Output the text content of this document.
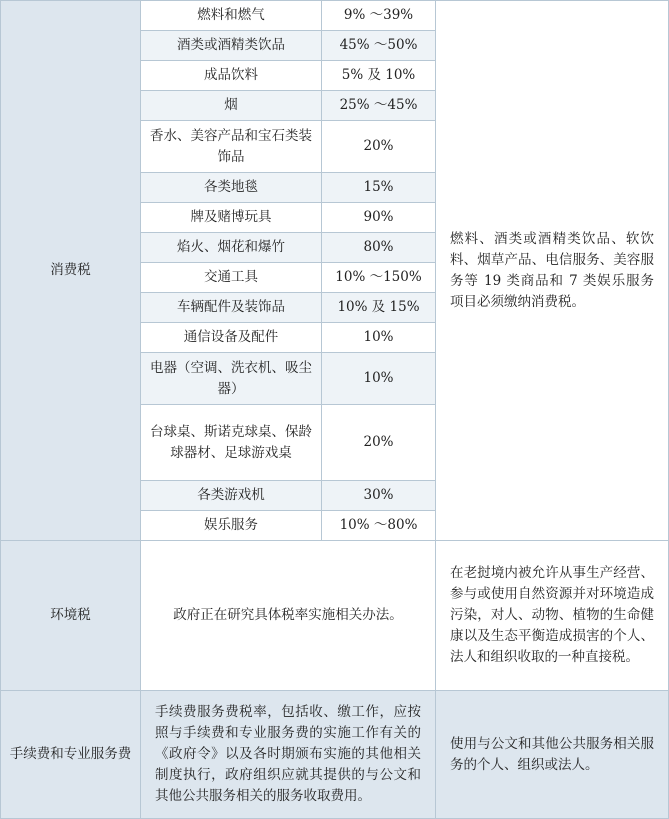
消费税	燃料和燃气	9% ～39%	燃料、酒类或酒精类饮品、软饮料、烟草产品、电信服务、美容服务等 19 类商品和 7 类娱乐服务项目必须缴纳消费税。
	酒类或酒精类饮品	45% ～50%	
	成品饮料	5% 及 10%	
	烟	25% ～45%	
	香水、美容产品和宝石类装饰品	20%	
	各类地毯	15%	
	牌及赌博玩具	90%	
	焰火、烟花和爆竹	80%	
	交通工具	10% ～150%	
	车辆配件及装饰品	10% 及 15%	
	通信设备及配件	10%	
	电器（空调、洗衣机、吸尘器）	10%	
	台球桌、斯诺克球桌、保龄球器材、足球游戏桌	20%	
	各类游戏机	30%	
	娱乐服务	10% ～80%	
环境税	政府正在研究具体税率实施相关办法。		在老挝境内被允许从事生产经营、参与或使用自然资源并对环境造成污染，对人、动物、植物的生命健康以及生态平衡造成损害的个人、法人和组织收取的一种直接税。
手续费和专业服务费	手续费服务费税率，包括收、缴工作，应按照与手续费和专业服务费的实施工作有关的《政府令》以及各时期颁布实施的其他相关制度执行，政府组织应就其提供的与公文和其他公共服务相关的服务收取费用。		使用与公文和其他公共服务相关服务的个人、组织或法人。
